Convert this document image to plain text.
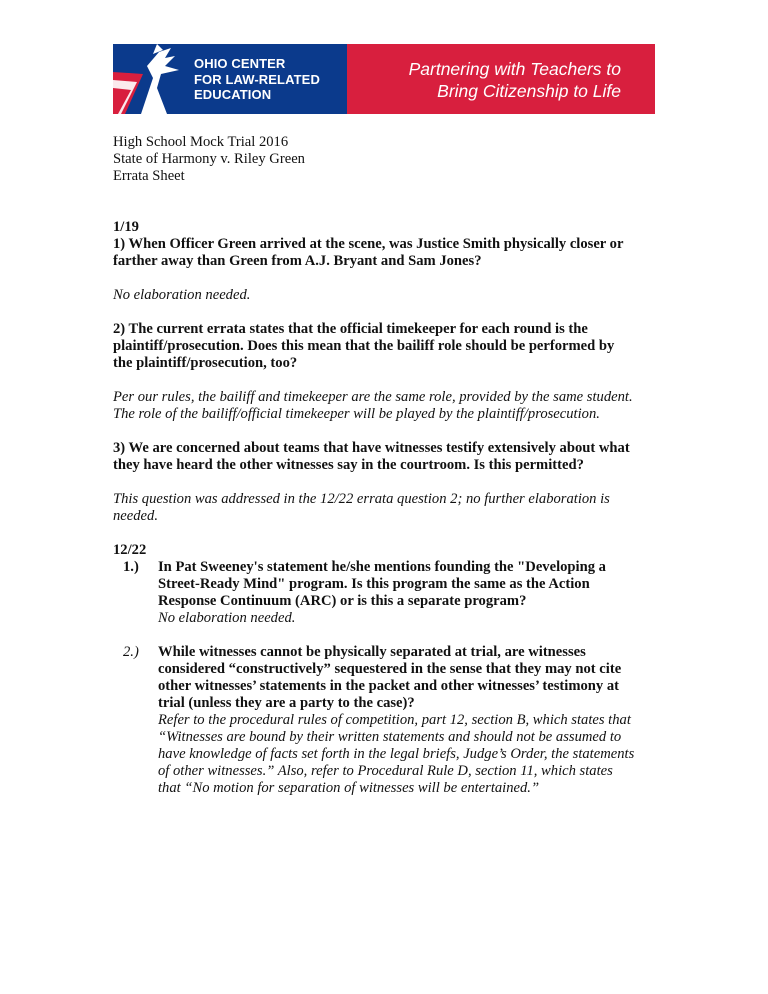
OHIO CENTER
FOR LAW-RELATED
EDUCATION
Partnering with Teachers to
Bring Citizenship to Life
High School Mock Trial 2016
State of Harmony v. Riley Green
Errata Sheet
1/19
1) When Officer Green arrived at the scene, was Justice Smith physically closer or
farther away than Green from A.J. Bryant and Sam Jones?
No elaboration needed.
2) The current errata states that the official timekeeper for each round is the
plaintiff/prosecution. Does this mean that the bailiff role should be performed by
the plaintiff/prosecution, too?
Per our rules, the bailiff and timekeeper are the same role, provided by the same student.
The role of the bailiff/official timekeeper will be played by the plaintiff/prosecution.
3) We are concerned about teams that have witnesses testify extensively about what
they have heard the other witnesses say in the courtroom. Is this permitted?
This question was addressed in the 12/22 errata question 2; no further elaboration is
needed.
12/22
1.)	In Pat Sweeney's statement he/she mentions founding the "Developing a
Street-Ready Mind" program. Is this program the same as the Action
Response Continuum (ARC) or is this a separate program?
No elaboration needed.
2.)	While witnesses cannot be physically separated at trial, are witnesses
considered “constructively” sequestered in the sense that they may not cite
other witnesses’ statements in the packet and other witnesses’ testimony at
trial (unless they are a party to the case)?
Refer to the procedural rules of competition, part 12, section B, which states that
“Witnesses are bound by their written statements and should not be assumed to
have knowledge of facts set forth in the legal briefs, Judge’s Order, the statements
of other witnesses.” Also, refer to Procedural Rule D, section 11, which states
that “No motion for separation of witnesses will be entertained.”
